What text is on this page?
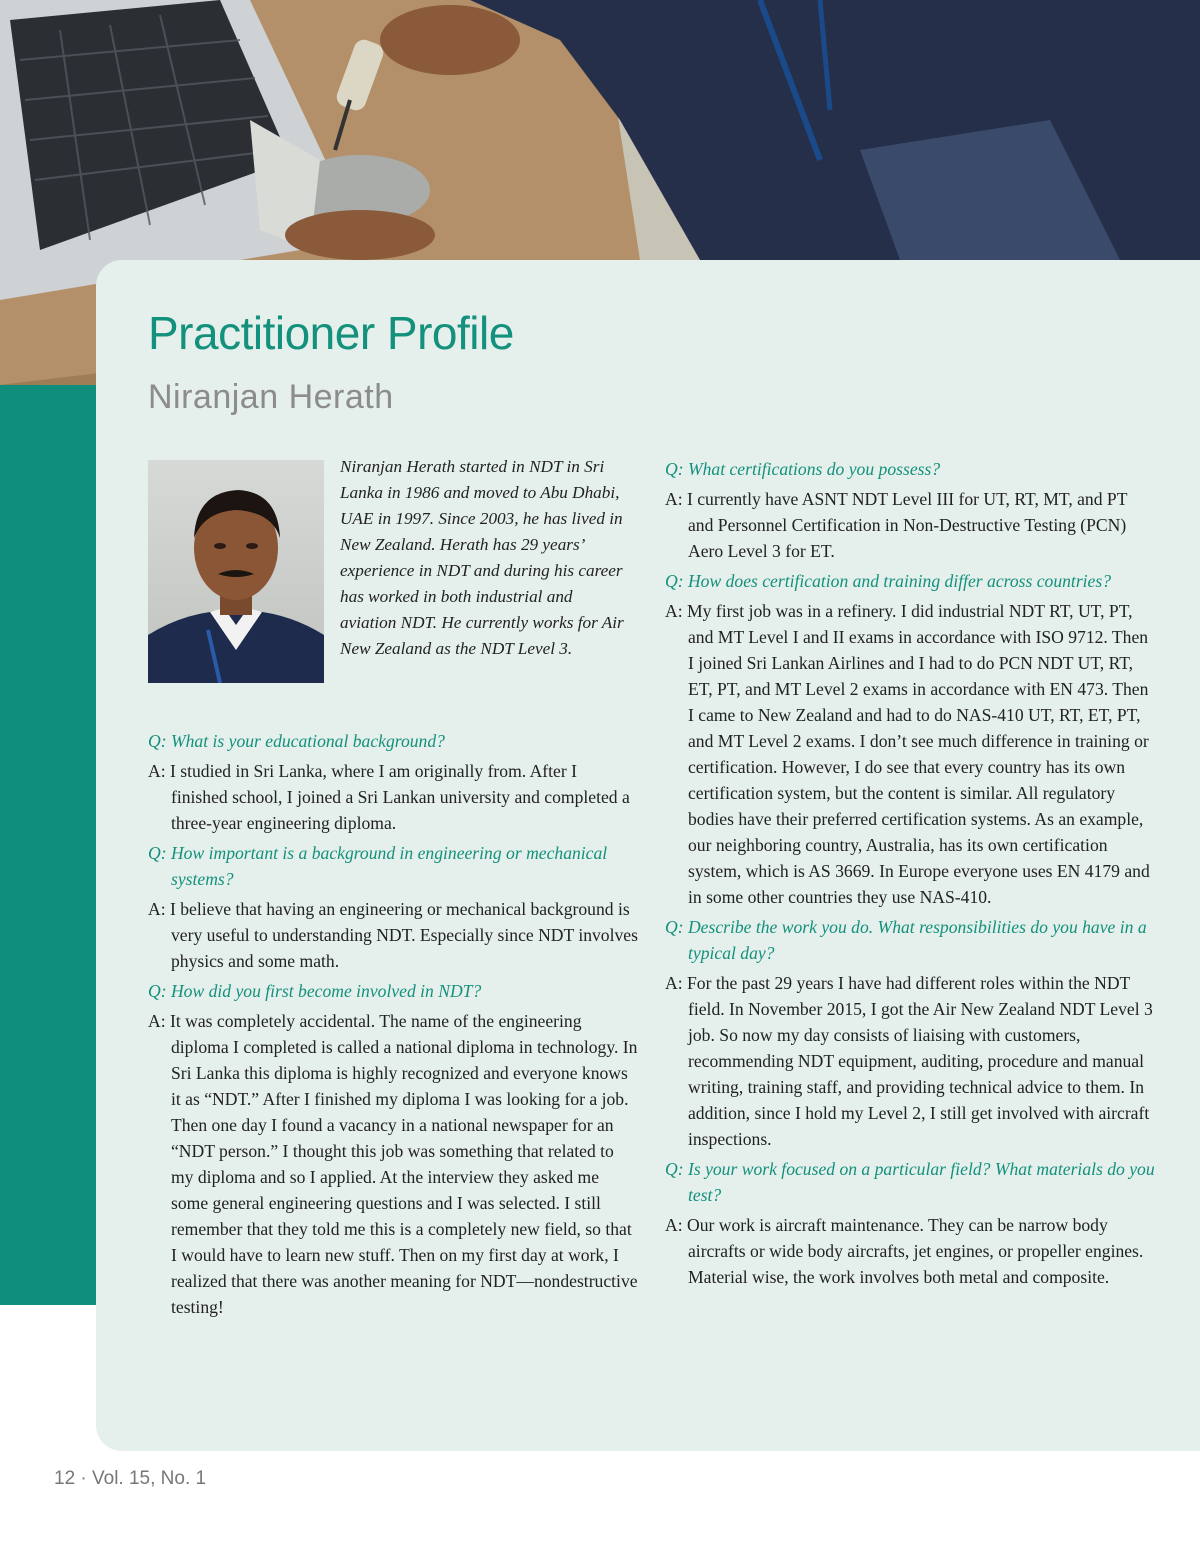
Practitioner Profile
Niranjan Herath

Niranjan Herath started in NDT in Sri Lanka in 1986 and moved to Abu Dhabi, UAE in 1997. Since 2003, he has lived in New Zealand. Herath has 29 years’ experience in NDT and during his career has worked in both industrial and aviation NDT. He currently works for Air New Zealand as the NDT Level 3.

Q: What is your educational background?

A: I studied in Sri Lanka, where I am originally from. After I finished school, I joined a Sri Lankan university and completed a three-year engineering diploma.

Q: How important is a background in engineering or mechanical systems?

A: I believe that having an engineering or mechanical background is very useful to understanding NDT. Especially since NDT involves physics and some math.

Q: How did you first become involved in NDT?

A: It was completely accidental. The name of the engineering diploma I completed is called a national diploma in technology. In Sri Lanka this diploma is highly recognized and everyone knows it as “NDT.” After I finished my diploma I was looking for a job. Then one day I found a vacancy in a national newspaper for an “NDT person.” I thought this job was something that related to my diploma and so I applied. At the interview they asked me some general engineering questions and I was selected. I still remember that they told me this is a completely new field, so that I would have to learn new stuff. Then on my first day at work, I realized that there was another meaning for NDT—nondestructive testing!

Q: What certifications do you possess?

A: I currently have ASNT NDT Level III for UT, RT, MT, and PT and Personnel Certification in Non-Destructive Testing (PCN) Aero Level 3 for ET.

Q: How does certification and training differ across countries?

A: My first job was in a refinery. I did industrial NDT RT, UT, PT, and MT Level I and II exams in accordance with ISO 9712. Then I joined Sri Lankan Airlines and I had to do PCN NDT UT, RT, ET, PT, and MT Level 2 exams in accordance with EN 473. Then I came to New Zealand and had to do NAS-410 UT, RT, ET, PT, and MT Level 2 exams. I don’t see much difference in training or certification. However, I do see that every country has its own certification system, but the content is similar. All regulatory bodies have their preferred certification systems. As an example, our neighboring country, Australia, has its own certification system, which is AS 3669. In Europe everyone uses EN 4179 and in some other countries they use NAS-410.

Q: Describe the work you do. What responsibilities do you have in a typical day?

A: For the past 29 years I have had different roles within the NDT field. In November 2015, I got the Air New Zealand NDT Level 3 job. So now my day consists of liaising with customers, recommending NDT equipment, auditing, procedure and manual writing, training staff, and providing technical advice to them. In addition, since I hold my Level 2, I still get involved with aircraft inspections.

Q: Is your work focused on a particular field? What materials do you test?

A: Our work is aircraft maintenance. They can be narrow body aircrafts or wide body aircrafts, jet engines, or propeller engines. Material wise, the work involves both metal and composite.

12 · Vol. 15, No. 1
